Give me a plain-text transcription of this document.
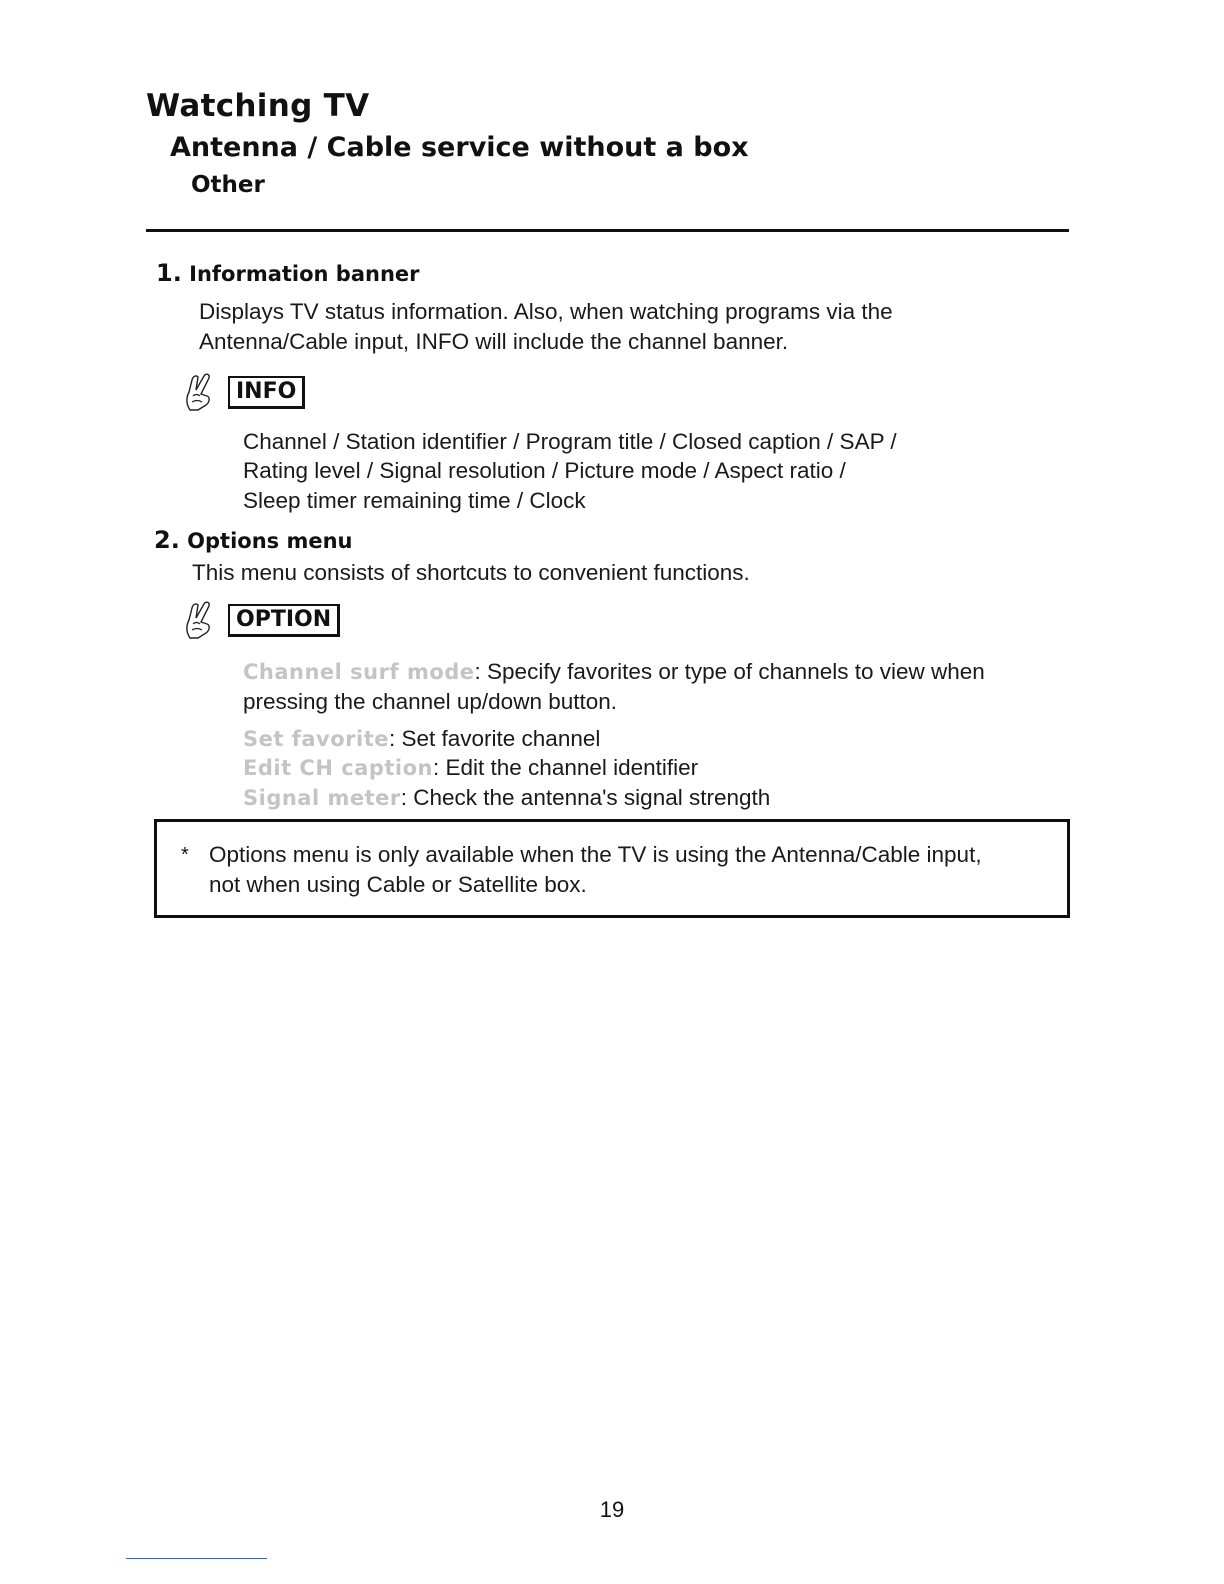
Watching TV
Antenna / Cable service without a box
Other
1. Information banner

Displays TV status information. Also, when watching programs via the

Antenna/Cable input, INFO will include the channel banner.

INFO

Channel / Station identifier / Program title / Closed caption / SAP /

Rating level / Signal resolution / Picture mode / Aspect ratio /

Sleep timer remaining time / Clock

2. Options menu

This menu consists of shortcuts to convenient functions.

OPTION

Channel surf mode: Specify favorites or type of channels to view when

pressing the channel up/down button.

Set favorite: Set favorite channel

Edit CH caption: Edit the channel identifier

Signal meter: Check the antenna's signal strength

* Options menu is only available when the TV is using the Antenna/Cable input,
not when using Cable or Satellite box.

19
